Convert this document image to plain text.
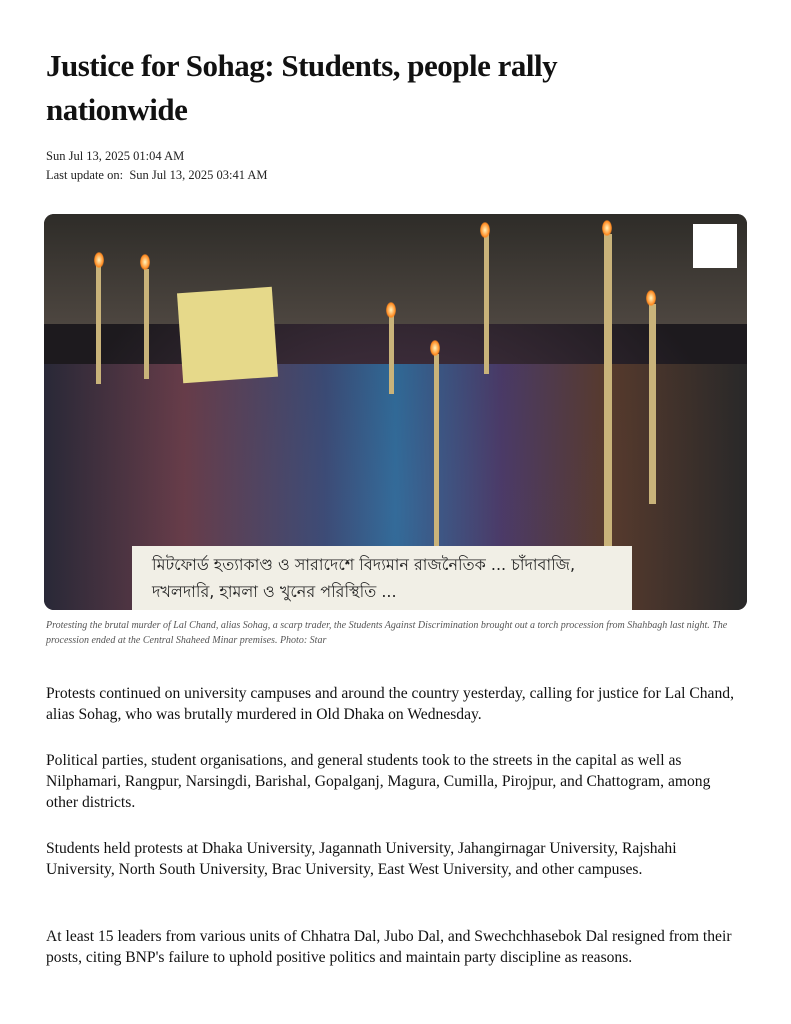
Justice for Sohag: Students, people rally nationwide
Sun Jul 13, 2025 01:04 AM
Last update on: Sun Jul 13, 2025 03:41 AM
মিটফোর্ড হত্যাকাণ্ড ও সারাদেশে বিদ্যমান রাজনৈতিক ... চাঁদাবাজি, দখলদারি, হামলা ও খুনের পরিস্থিতি ...
Protesting the brutal murder of Lal Chand, alias Sohag, a scarp trader, the Students Against Discrimination brought out a torch procession from Shahbagh last night. The procession ended at the Central Shaheed Minar premises. Photo: Star

Protests continued on university campuses and around the country yesterday, calling for justice for Lal Chand, alias Sohag, who was brutally murdered in Old Dhaka on Wednesday.

Political parties, student organisations, and general students took to the streets in the capital as well as Nilphamari, Rangpur, Narsingdi, Barishal, Gopalganj, Magura, Cumilla, Pirojpur, and Chattogram, among other districts.

Students held protests at Dhaka University, Jagannath University, Jahangirnagar University, Rajshahi University, North South University, Brac University, East West University, and other campuses.

At least 15 leaders from various units of Chhatra Dal, Jubo Dal, and Swechchhasebok Dal resigned from their posts, citing BNP's failure to uphold positive politics and maintain party discipline as reasons.
